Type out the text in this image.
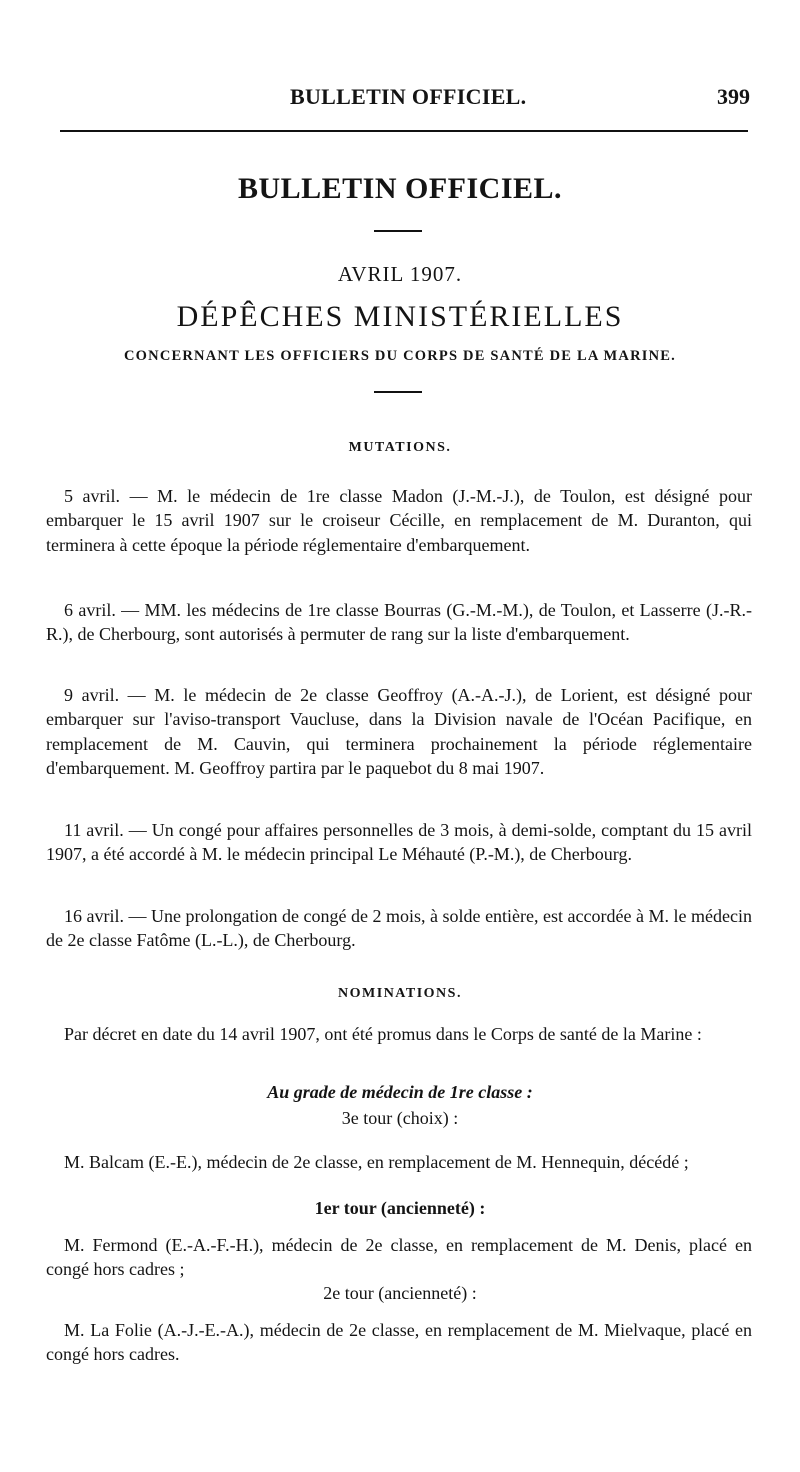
BULLETIN OFFICIEL.	399
BULLETIN OFFICIEL.
AVRIL 1907.
DÉPÊCHES MINISTÉRIELLES
CONCERNANT LES OFFICIERS DU CORPS DE SANTÉ DE LA MARINE.
MUTATIONS.

5 avril. — M. le médecin de 1re classe Madon (J.-M.-J.), de Toulon, est désigné pour embarquer le 15 avril 1907 sur le croiseur Cécille, en remplacement de M. Duranton, qui terminera à cette époque la période réglementaire d'embarquement.

6 avril. — MM. les médecins de 1re classe Bourras (G.-M.-M.), de Toulon, et Lasserre (J.-R.-R.), de Cherbourg, sont autorisés à permuter de rang sur la liste d'embarquement.

9 avril. — M. le médecin de 2e classe Geoffroy (A.-A.-J.), de Lorient, est désigné pour embarquer sur l'aviso-transport Vaucluse, dans la Division navale de l'Océan Pacifique, en remplacement de M. Cauvin, qui terminera prochainement la période réglementaire d'embarquement. M. Geoffroy partira par le paquebot du 8 mai 1907.

11 avril. — Un congé pour affaires personnelles de 3 mois, à demi-solde, comptant du 15 avril 1907, a été accordé à M. le médecin principal Le Méhauté (P.-M.), de Cherbourg.

16 avril. — Une prolongation de congé de 2 mois, à solde entière, est accordée à M. le médecin de 2e classe Fatôme (L.-L.), de Cherbourg.

NOMINATIONS.

Par décret en date du 14 avril 1907, ont été promus dans le Corps de santé de la Marine :

Au grade de médecin de 1re classe :
3e tour (choix) :

M. Balcam (E.-E.), médecin de 2e classe, en remplacement de M. Hennequin, décédé ;

1er tour (ancienneté) :

M. Fermond (E.-A.-F.-H.), médecin de 2e classe, en remplacement de M. Denis, placé en congé hors cadres ;

2e tour (ancienneté) :

M. La Folie (A.-J.-E.-A.), médecin de 2e classe, en remplacement de M. Mielvaque, placé en congé hors cadres.
